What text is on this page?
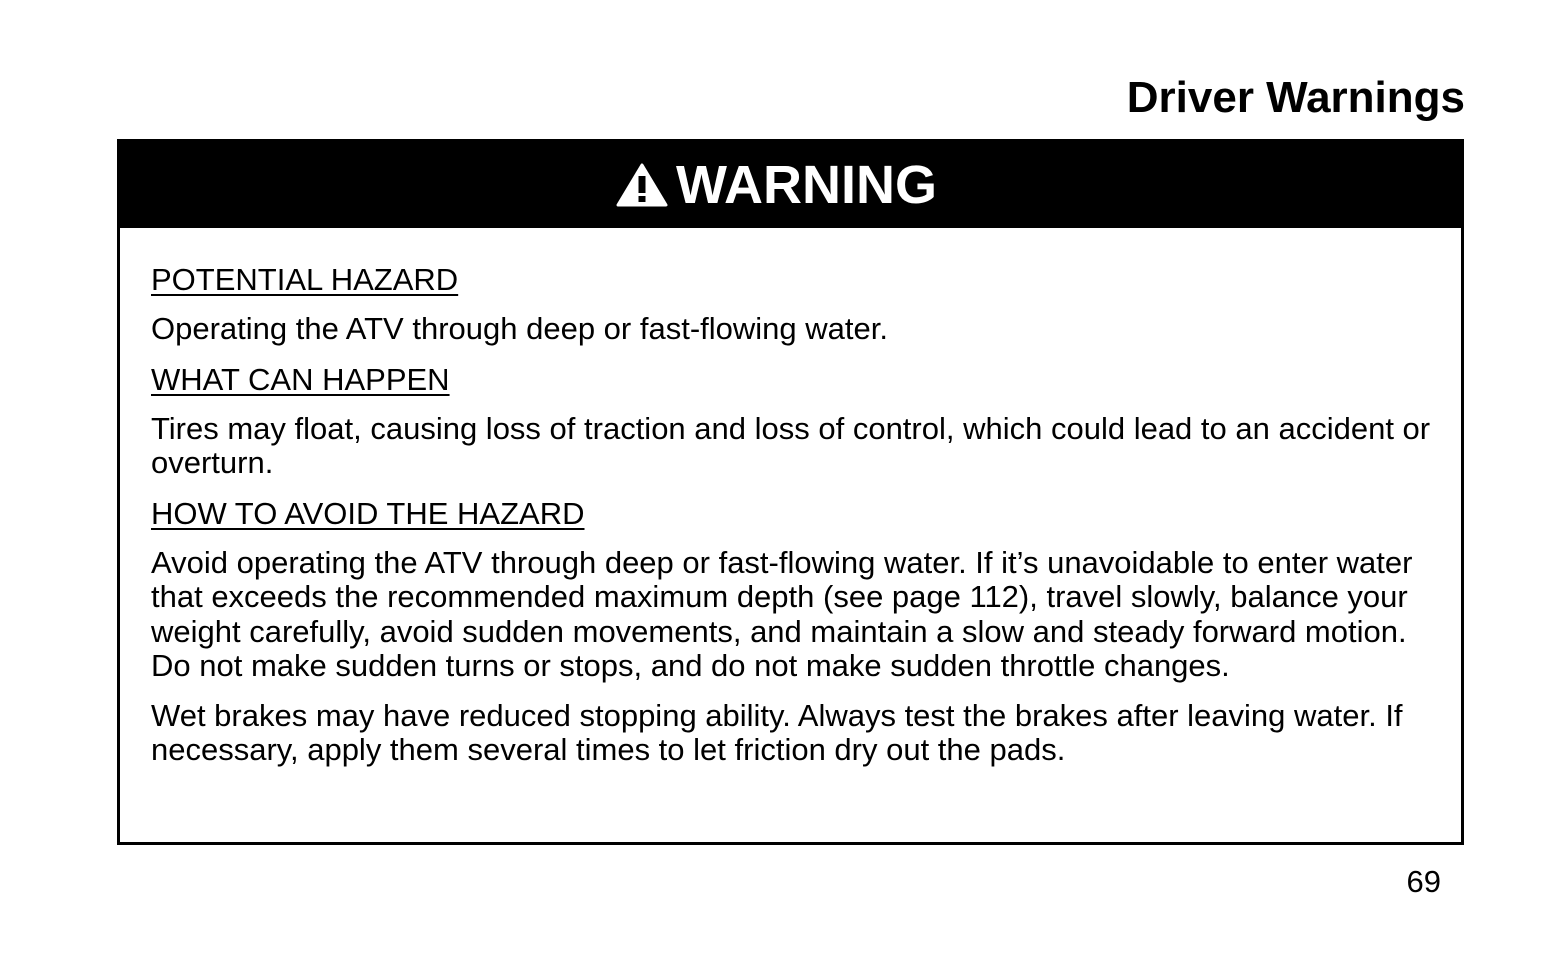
Driver Warnings
WARNING
POTENTIAL HAZARD
Operating the ATV through deep or fast-flowing water.
WHAT CAN HAPPEN
Tires may float, causing loss of traction and loss of control, which could lead to an accident or overturn.
HOW TO AVOID THE HAZARD
Avoid operating the ATV through deep or fast-flowing water. If it’s unavoidable to enter water that exceeds the recommended maximum depth (see page 112), travel slowly, balance your weight carefully, avoid sudden movements, and maintain a slow and steady forward motion. Do not make sudden turns or stops, and do not make sudden throttle changes.
Wet brakes may have reduced stopping ability. Always test the brakes after leaving water. If necessary, apply them several times to let friction dry out the pads.
69
